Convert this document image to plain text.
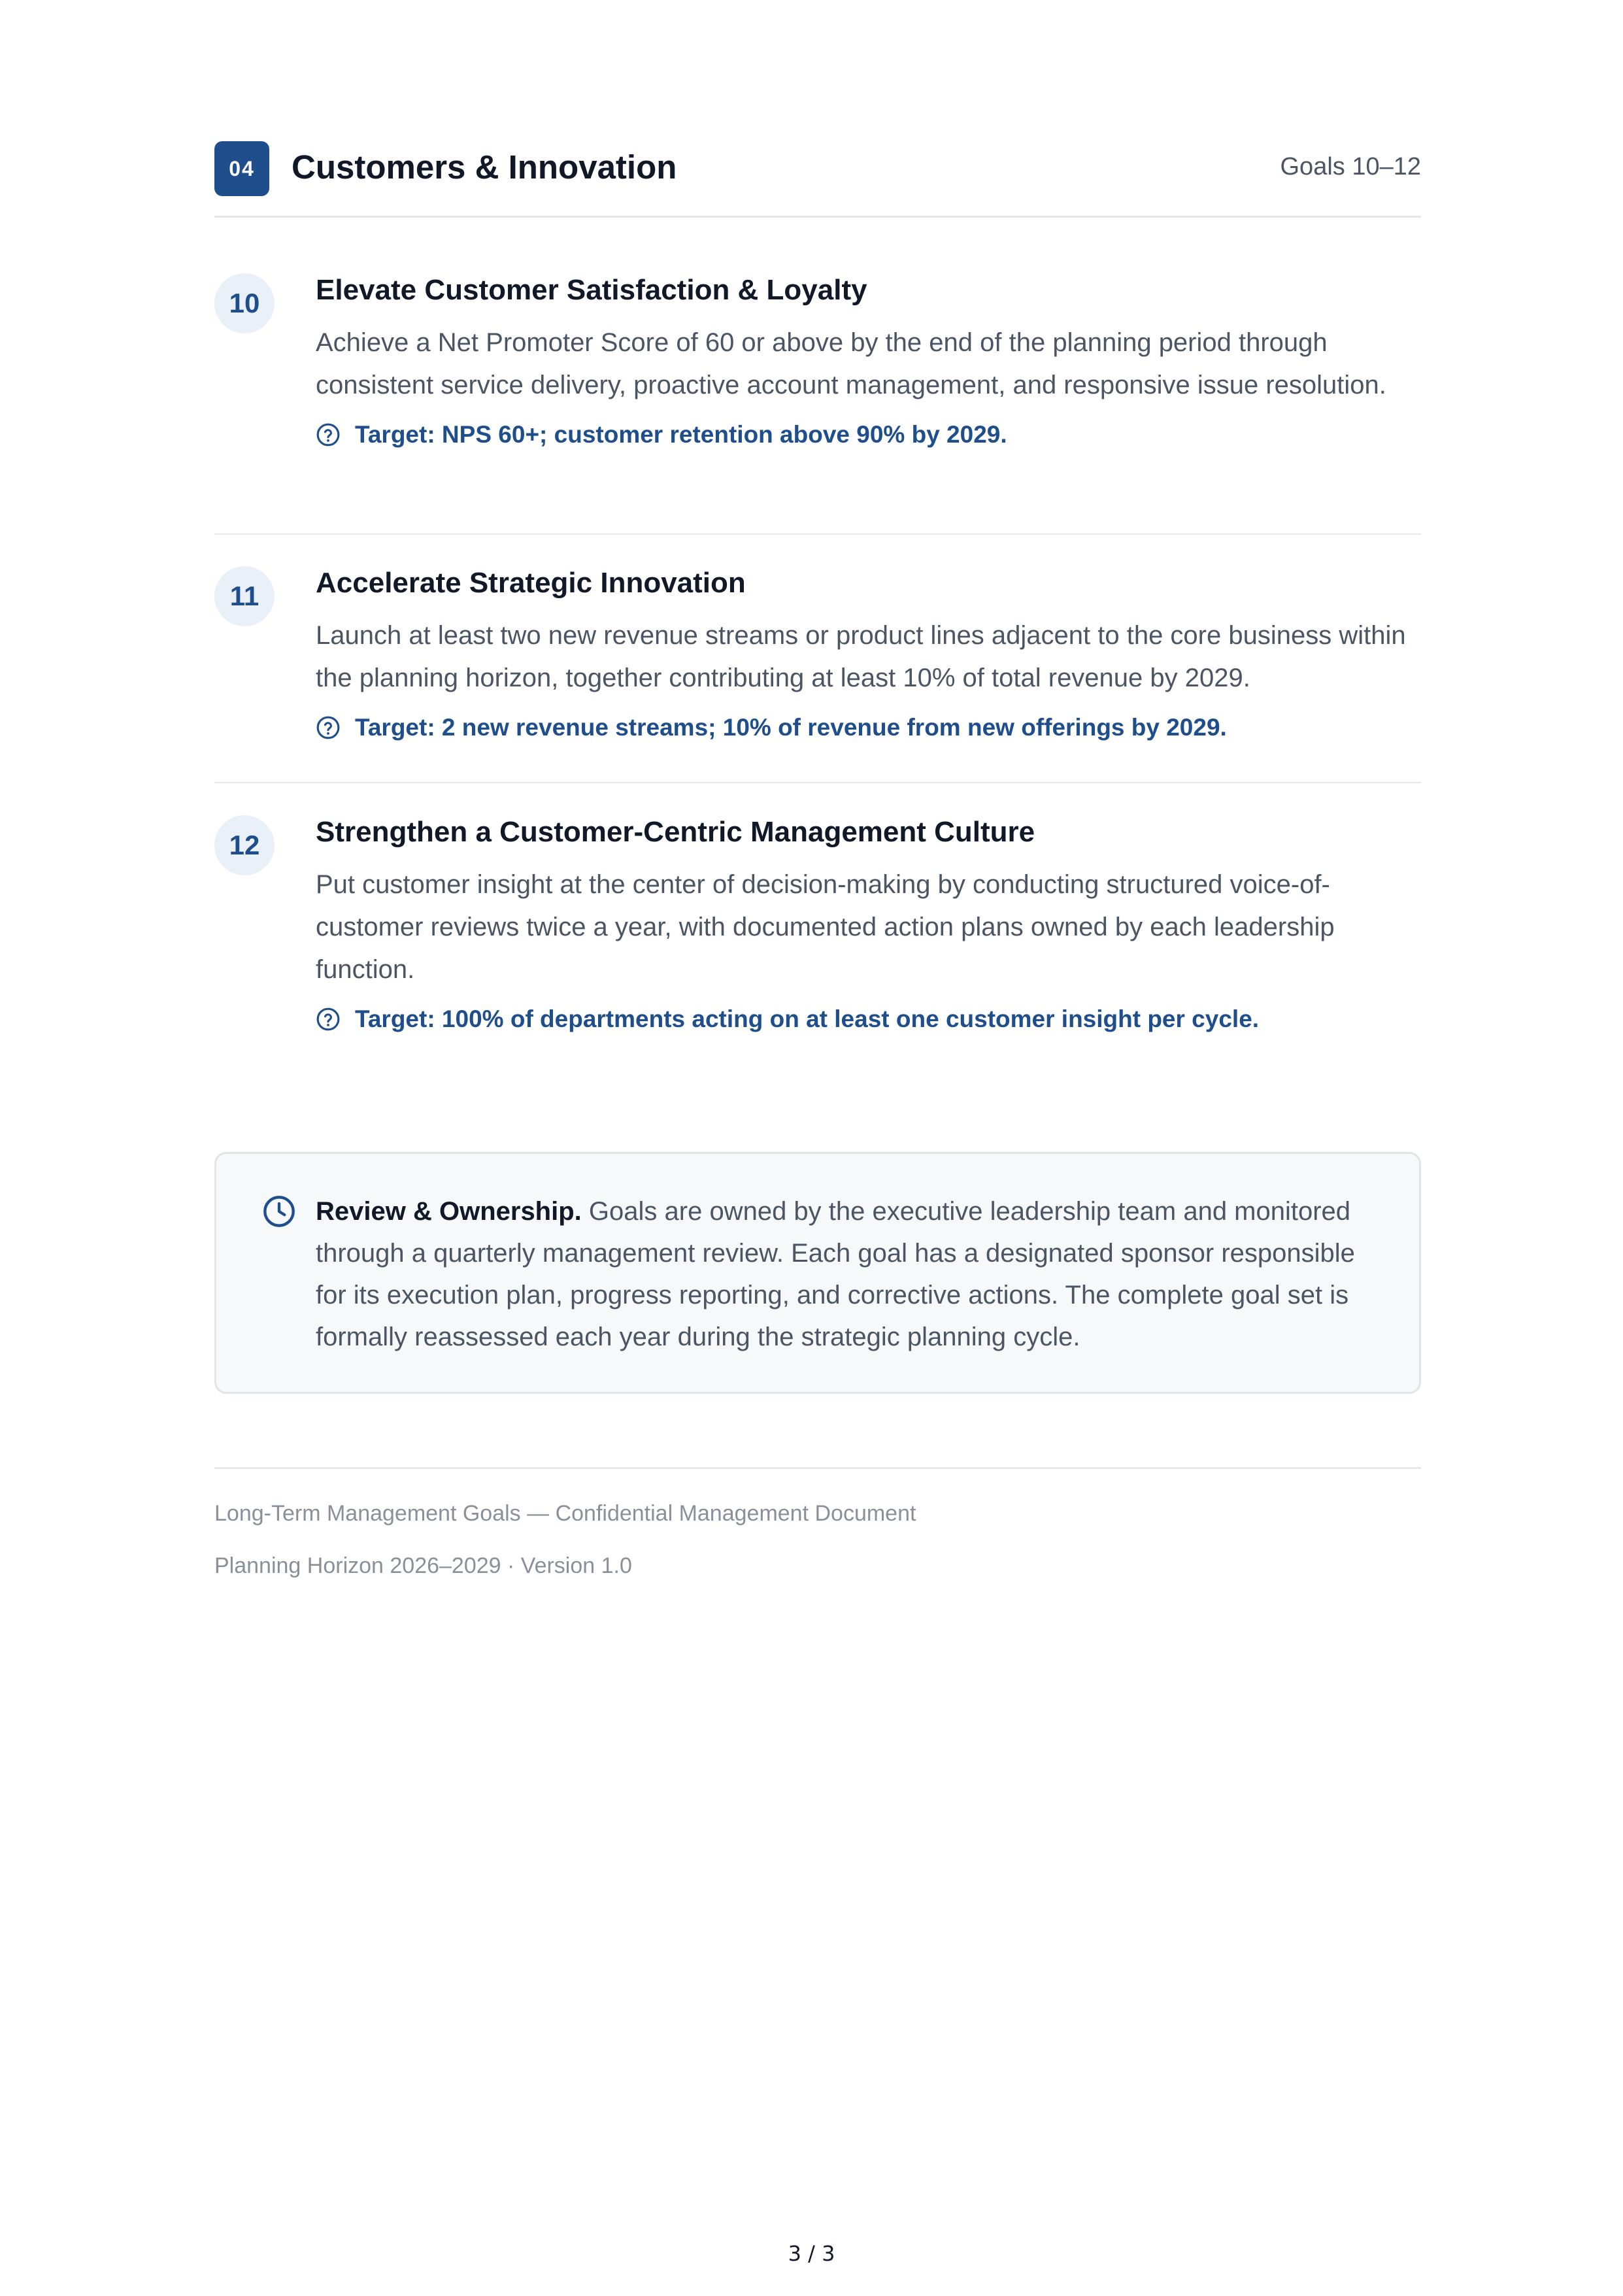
04	Customers & Innovation	Goals 10–12
10	Elevate Customer Satisfaction & Loyalty
Achieve a Net Promoter Score of 60 or above by the end of the planning period through consistent service delivery, proactive account management, and responsive issue resolution.
Target: NPS 60+; customer retention above 90% by 2029.
11	Accelerate Strategic Innovation
Launch at least two new revenue streams or product lines adjacent to the core business within the planning horizon, together contributing at least 10% of total revenue by 2029.
Target: 2 new revenue streams; 10% of revenue from new offerings by 2029.
12	Strengthen a Customer-Centric Management Culture
Put customer insight at the center of decision-making by conducting structured voice-of-customer reviews twice a year, with documented action plans owned by each leadership function.
Target: 100% of departments acting on at least one customer insight per cycle.
Review & Ownership. Goals are owned by the executive leadership team and monitored through a quarterly management review. Each goal has a designated sponsor responsible for its execution plan, progress reporting, and corrective actions. The complete goal set is formally reassessed each year during the strategic planning cycle.
Long-Term Management Goals — Confidential Management Document
Planning Horizon 2026–2029 · Version 1.0
3 / 3
